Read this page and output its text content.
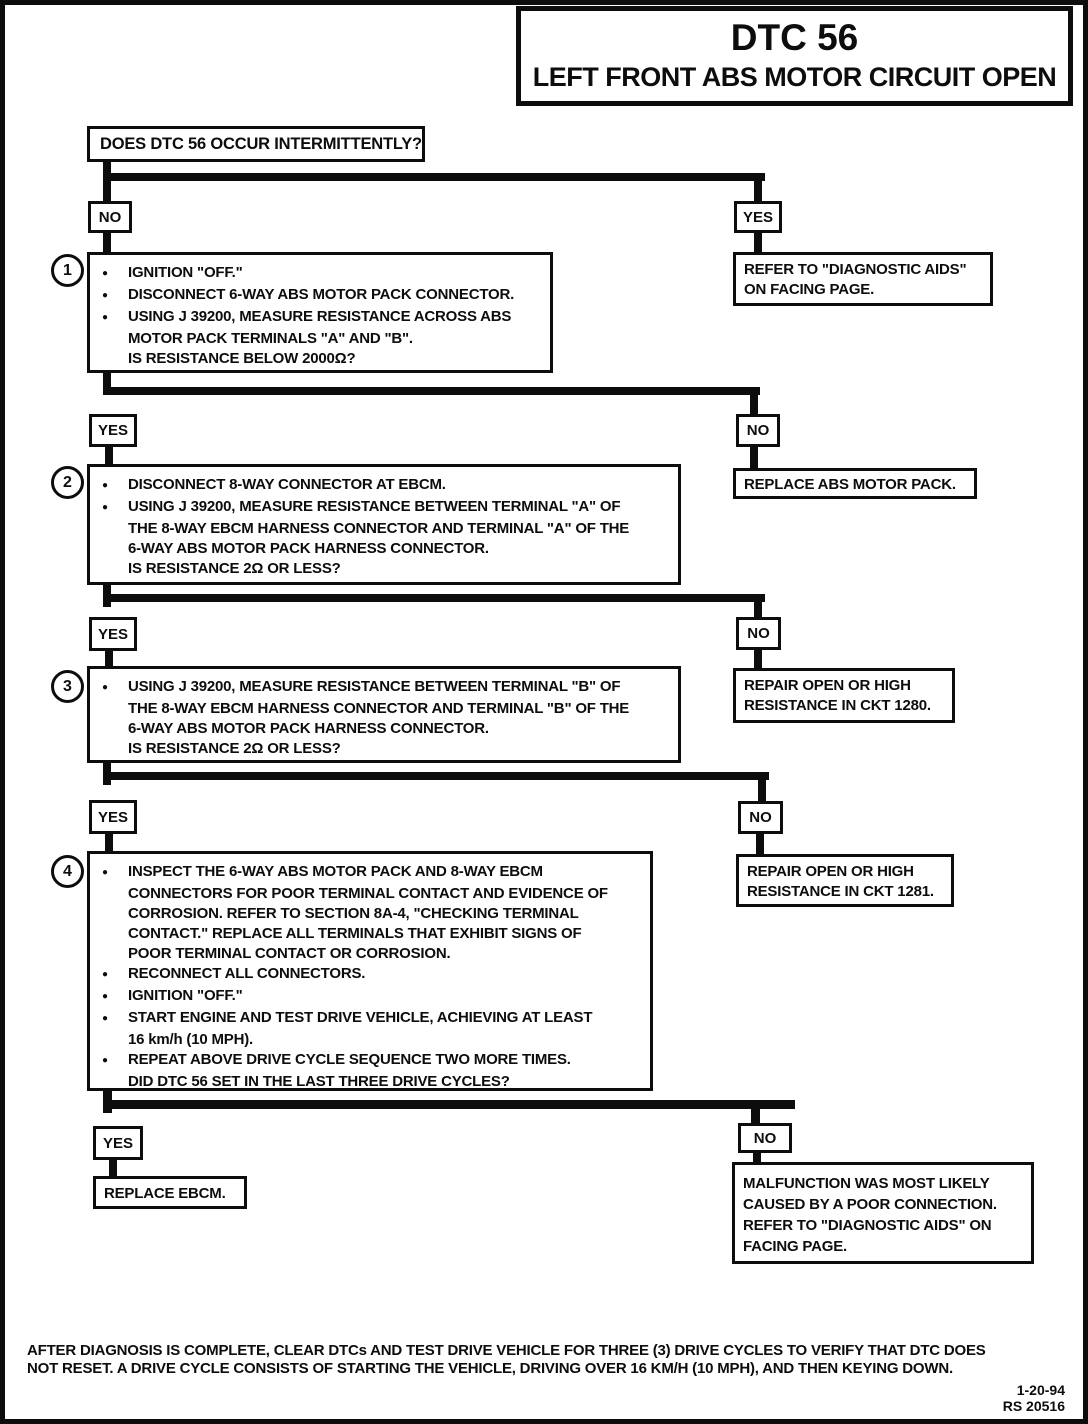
DTC 56
LEFT FRONT ABS MOTOR CIRCUIT OPEN
DOES DTC 56 OCCUR INTERMITTENTLY?
NO	YES
1 ●	IGNITION "OFF."
●
DISCONNECT 6-WAY ABS MOTOR PACK CONNECTOR.
●
USING J 39200, MEASURE RESISTANCE ACROSS ABS
MOTOR PACK TERMINALS "A" AND "B".
IS RESISTANCE BELOW 2000Ω?
REFER TO "DIAGNOSTIC AIDS"
ON FACING PAGE.
YES	NO
2 ●	DISCONNECT 8-WAY CONNECTOR AT EBCM.
●
USING J 39200, MEASURE RESISTANCE BETWEEN TERMINAL "A" OF
THE 8-WAY EBCM HARNESS CONNECTOR AND TERMINAL "A" OF THE
6-WAY ABS MOTOR PACK HARNESS CONNECTOR.
IS RESISTANCE 2Ω OR LESS?
REPLACE ABS MOTOR PACK.
YES	NO
3 ●	USING J 39200, MEASURE RESISTANCE BETWEEN TERMINAL "B" OF
THE 8-WAY EBCM HARNESS CONNECTOR AND TERMINAL "B" OF THE
6-WAY ABS MOTOR PACK HARNESS CONNECTOR.
IS RESISTANCE 2Ω OR LESS?
REPAIR OPEN OR HIGH
RESISTANCE IN CKT 1280.
YES	NO
4 ●	INSPECT THE 6-WAY ABS MOTOR PACK AND 8-WAY EBCM
CONNECTORS FOR POOR TERMINAL CONTACT AND EVIDENCE OF
CORROSION. REFER TO SECTION 8A-4, "CHECKING TERMINAL
CONTACT." REPLACE ALL TERMINALS THAT EXHIBIT SIGNS OF
POOR TERMINAL CONTACT OR CORROSION.
●
RECONNECT ALL CONNECTORS.
●
IGNITION "OFF."
●
START ENGINE AND TEST DRIVE VEHICLE, ACHIEVING AT LEAST
16 km/h (10 MPH).
●
REPEAT ABOVE DRIVE CYCLE SEQUENCE TWO MORE TIMES.
DID DTC 56 SET IN THE LAST THREE DRIVE CYCLES?
REPAIR OPEN OR HIGH
RESISTANCE IN CKT 1281.
YES	NO
REPLACE EBCM.
MALFUNCTION WAS MOST LIKELY
CAUSED BY A POOR CONNECTION.
REFER TO "DIAGNOSTIC AIDS" ON
FACING PAGE.
AFTER DIAGNOSIS IS COMPLETE, CLEAR DTCs AND TEST DRIVE VEHICLE FOR THREE (3) DRIVE CYCLES TO VERIFY THAT DTC DOES
NOT RESET. A DRIVE CYCLE CONSISTS OF STARTING THE VEHICLE, DRIVING OVER 16 KM/H (10 MPH), AND THEN KEYING DOWN.
1-20-94
RS 20516
